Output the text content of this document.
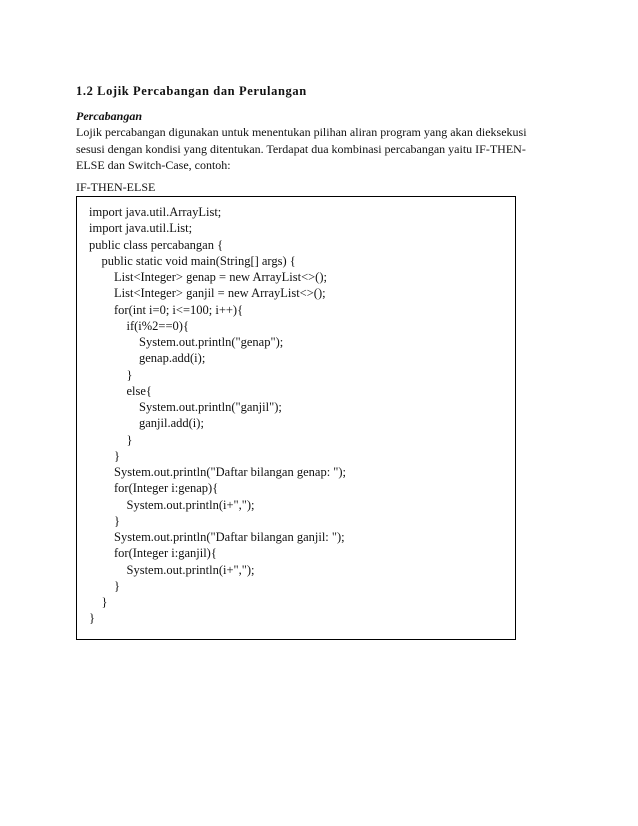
1.2 Lojik Percabangan dan Perulangan
Percabangan
Lojik percabangan digunakan untuk menentukan pilihan aliran program yang akan dieksekusi
sesusi dengan kondisi yang ditentukan. Terdapat dua kombinasi percabangan yaitu IF-THEN-
ELSE dan Switch-Case, contoh:
IF-THEN-ELSE
import java.util.ArrayList;
import java.util.List;
public class percabangan {
public static void main(String[] args) {
List<Integer> genap = new ArrayList<>();
List<Integer> ganjil = new ArrayList<>();
for(int i=0; i<=100; i++){
if(i%2==0){
System.out.println("genap");
genap.add(i);
}
else{
System.out.println("ganjil");
ganjil.add(i);
}
}
System.out.println("Daftar bilangan genap: ");
for(Integer i:genap){
System.out.println(i+",");
}
System.out.println("Daftar bilangan ganjil: ");
for(Integer i:ganjil){
System.out.println(i+",");
}
}
}
